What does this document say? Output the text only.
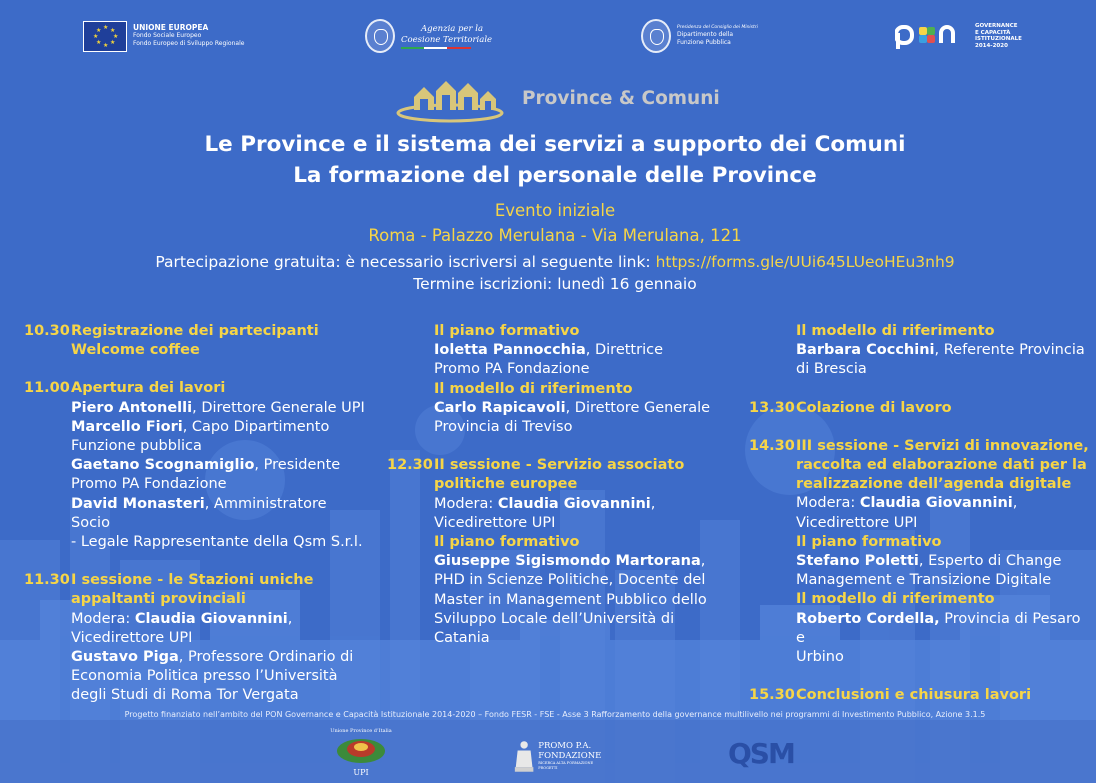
★ ★
★
★
★
★
★
★	UNIONE EUROPEA
Fondo Sociale Europeo
Fondo Europeo di Sviluppo Regionale
Agenzia per la
Coesione Territoriale
Presidenza del Consiglio dei Ministri
Dipartimento della
Funzione Pubblica
GOVERNANCE
E CAPACITÀ
ISTITUZIONALE
2014-2020
Province & Comuni
Le Province e il sistema dei servizi a supporto dei Comuni
La formazione del personale delle Province
Evento iniziale
Roma - Palazzo Merulana - Via Merulana, 121
Partecipazione gratuita: è necessario iscriversi al seguente link: https://forms.gle/UUi645LUeoHEu3nh9
Termine iscrizioni: lunedì 16 gennaio
10.30 Registrazione dei partecipanti
Welcome coffee
11.00 Apertura dei lavori
Piero Antonelli, Direttore Generale UPI
Marcello Fiori, Capo Dipartimento
Funzione pubblica
Gaetano Scognamiglio, Presidente
Promo PA Fondazione
David Monasteri, Amministratore Socio
- Legale Rappresentante della Qsm S.r.l.
11.30 I sessione - le Stazioni uniche
appaltanti provinciali
Modera: Claudia Giovannini,
Vicedirettore UPI
Gustavo Piga, Professore Ordinario di
Economia Politica presso l’Università
degli Studi di Roma Tor Vergata
Il piano formativo
Ioletta Pannocchia, Direttrice
Promo PA Fondazione
Il modello di riferimento
Carlo Rapicavoli, Direttore Generale
Provincia di Treviso
12.30 II sessione - Servizio associato
politiche europee
Modera: Claudia Giovannini,
Vicedirettore UPI
Il piano formativo
Giuseppe Sigismondo Martorana,
PHD in Scienze Politiche, Docente del
Master in Management Pubblico dello
Sviluppo Locale dell’Università di
Catania
Il modello di riferimento
Barbara Cocchini, Referente Provincia
di Brescia
13.30 Colazione di lavoro
14.30 III sessione - Servizi di innovazione,
raccolta ed elaborazione dati per la
realizzazione dell’agenda digitale
Modera: Claudia Giovannini,
Vicedirettore UPI
Il piano formativo
Stefano Poletti, Esperto di Change
Management e Transizione Digitale
Il modello di riferimento
Roberto Cordella, Provincia di Pesaro e
Urbino
15.30 Conclusioni e chiusura lavori
Progetto finanziato nell’ambito del PON Governance e Capacità Istituzionale 2014-2020 – Fondo FESR - FSE - Asse 3 Rafforzamento della governance multilivello nei programmi di Investimento Pubblico, Azione 3.1.5
Unione Province d’Italia
UPI
PROMO P.A.
FONDAZIONE
RICERCA ALTA FORMAZIONE PROGETTI	QSM
